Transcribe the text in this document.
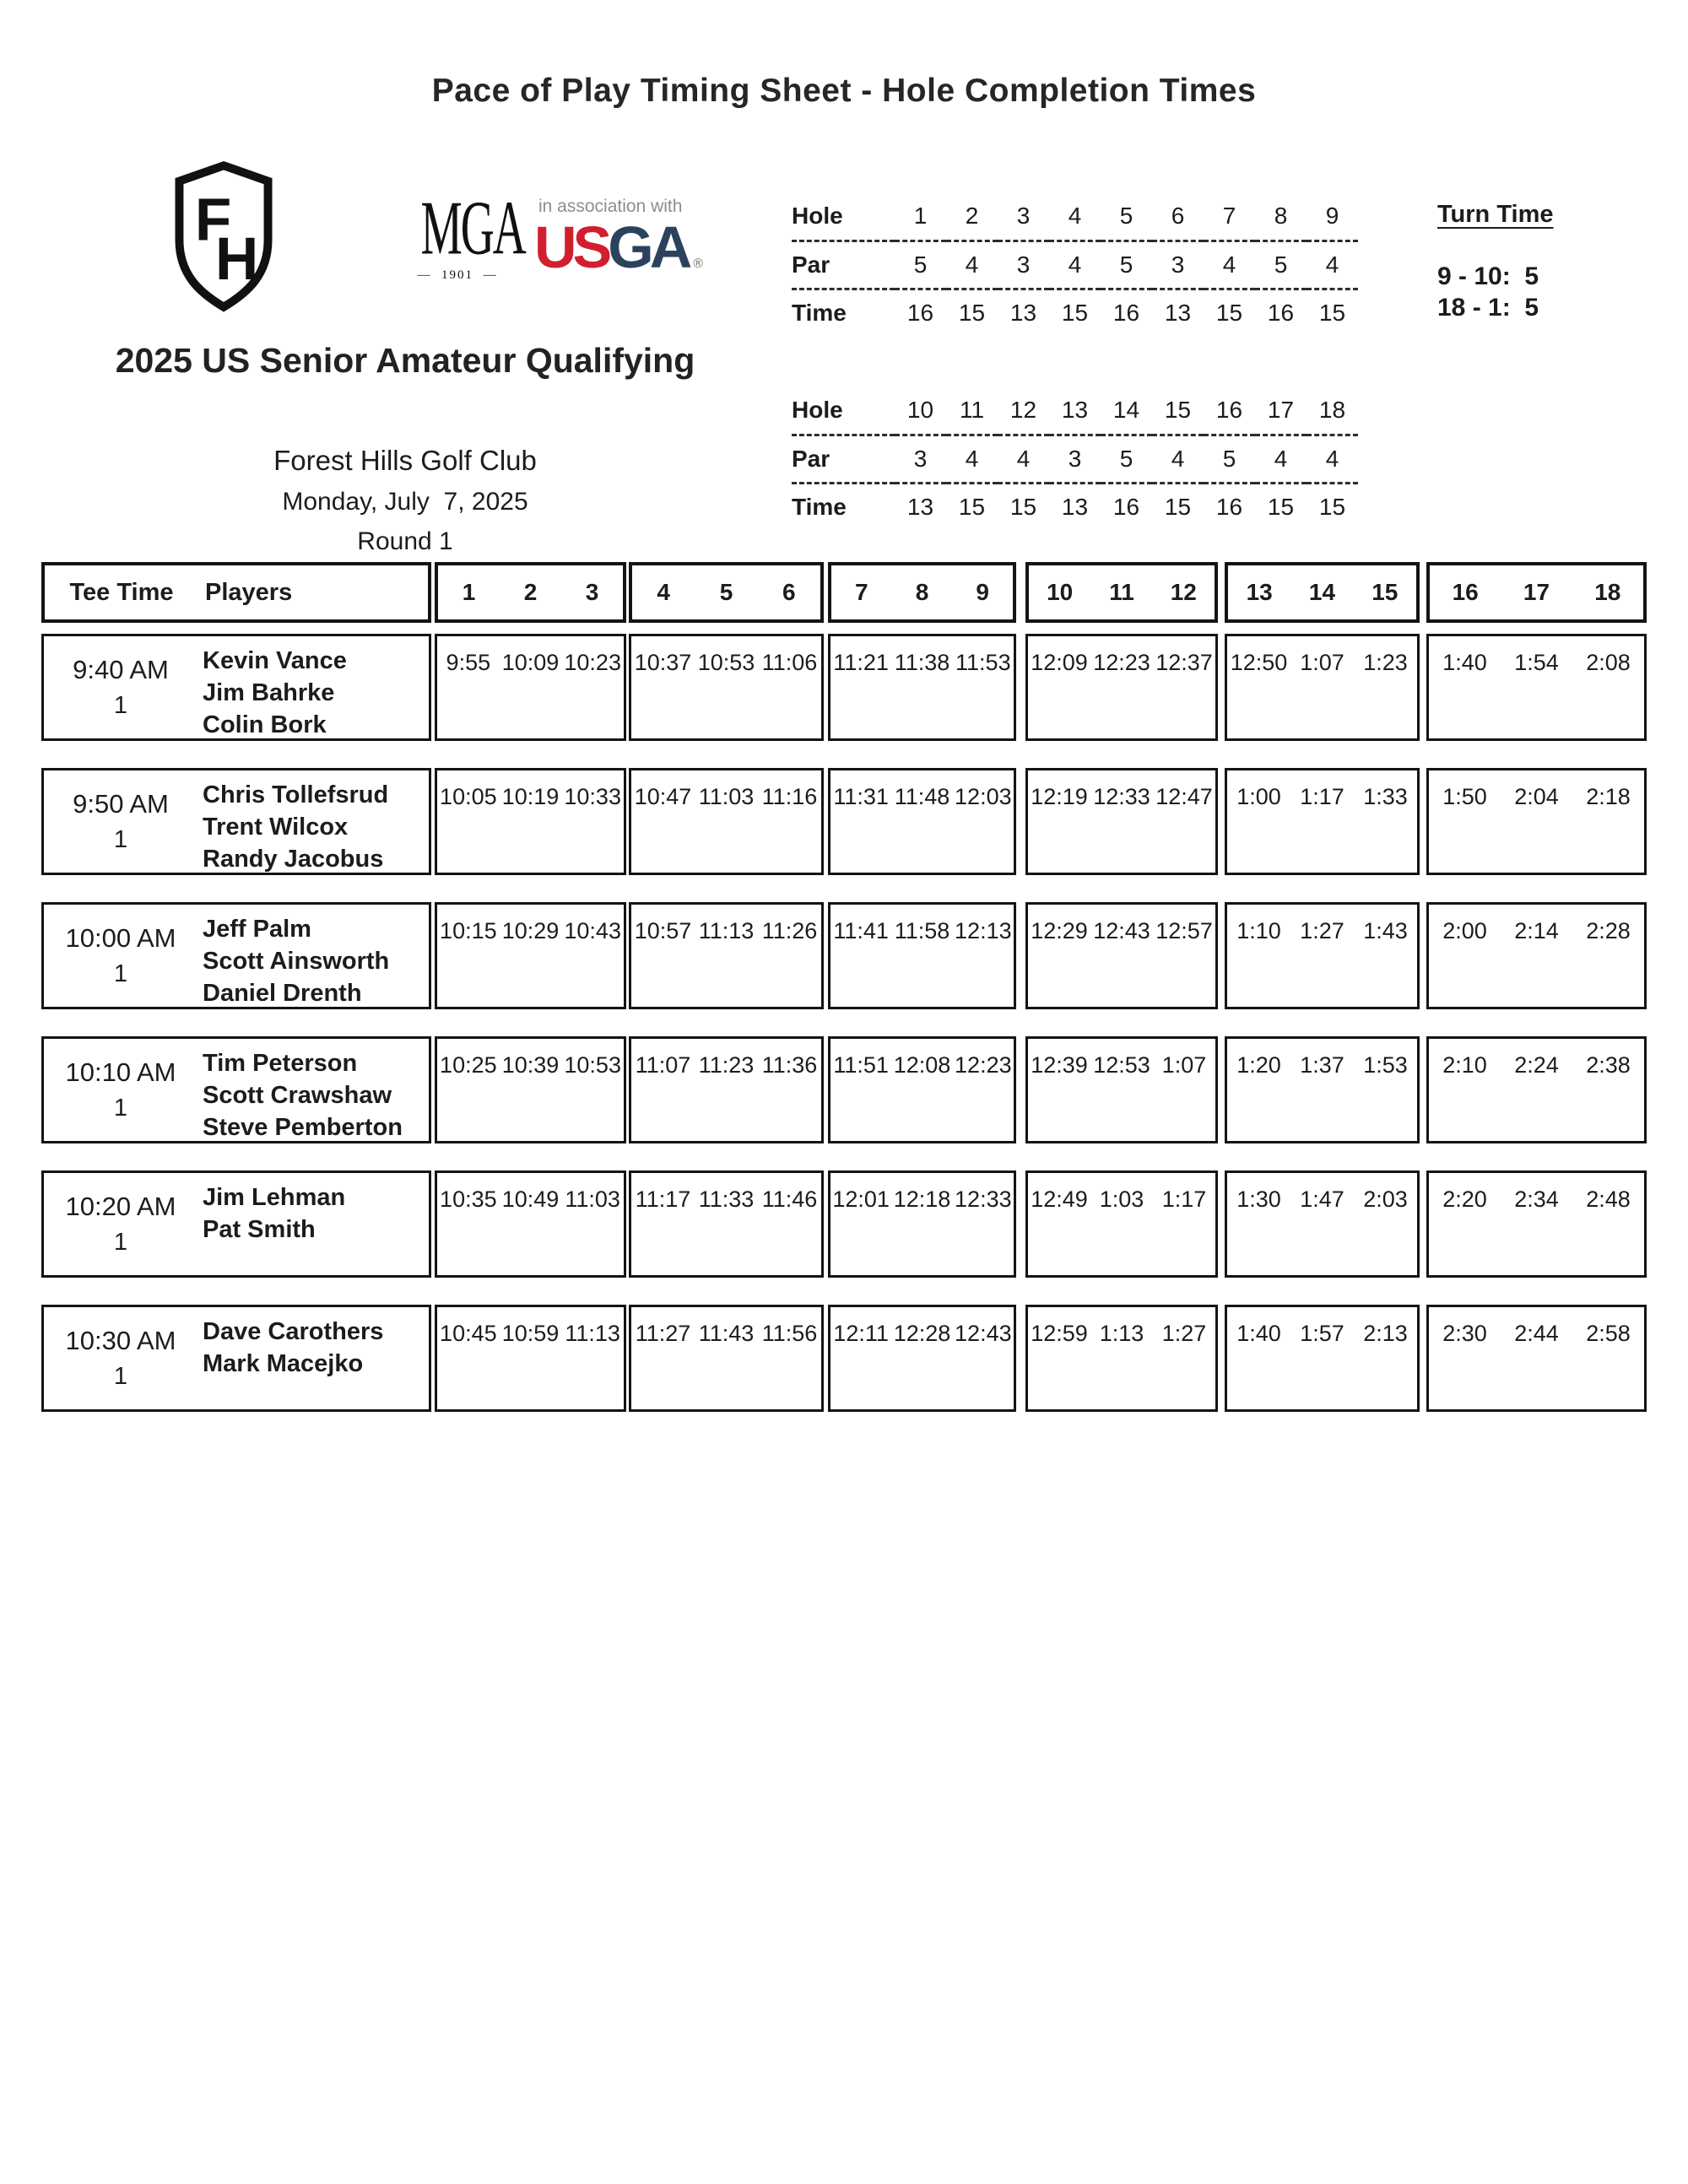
Pace of Play Timing Sheet - Hole Completion Times
F
H MGA
—  1901  —
in association with
USGA ®
2025 US Senior Amateur Qualifying
Forest Hills Golf Club
Monday, July  7, 2025
Round 1
Hole	1	2	3	4	5	6	7	8	9
Par	5	4	3	4	5	3	4	5	4
Time	16	15	13	15	16	13	15	16	15
Hole	10	11	12	13	14	15	16	17	18
Par	3	4	4	3	5	4	5	4	4
Time	13	15	15	13	16	15	16	15	15
Turn Time
9 - 10:  5
18 - 1:  5
Tee Time	Players	1	2	3	4	5	6	7	8	9	10	11	12	13	14	15	16	17	18
9:40 AM
1
Kevin Vance
Jim Bahrke
Colin Bork
9:55 10:09 10:23 10:37 10:53 11:06 11:21 11:38 11:53 12:09 12:23 12:37 12:50 1:07 1:23	1:40	1:54	2:08
9:50 AM
1
Chris Tollefsrud
Trent Wilcox
Randy Jacobus
10:05 10:19 10:33 10:47 11:03 11:16 11:31 11:48 12:03 12:19 12:33 12:47	1:00 1:17 1:33	1:50	2:04	2:18
10:00 AM
1
Jeff Palm
Scott Ainsworth
Daniel Drenth
10:15 10:29 10:43 10:57 11:13 11:26 11:41 11:58 12:13 12:29 12:43 12:57	1:10 1:27 1:43	2:00	2:14	2:28
10:10 AM
1
Tim Peterson
Scott Crawshaw
Steve Pemberton
10:25 10:39 10:53 11:07 11:23 11:36 11:51 12:08 12:23 12:39 12:53 1:07	1:20 1:37 1:53	2:10	2:24	2:38
10:20 AM
1
Jim Lehman
Pat Smith
10:35 10:49 11:03 11:17 11:33 11:46 12:01 12:18 12:33 12:49 1:03 1:17	1:30 1:47 2:03	2:20	2:34	2:48
10:30 AM
1
Dave Carothers
Mark Macejko
10:45 10:59 11:13 11:27 11:43 11:56 12:11 12:28 12:43 12:59 1:13 1:27	1:40 1:57 2:13	2:30	2:44	2:58
